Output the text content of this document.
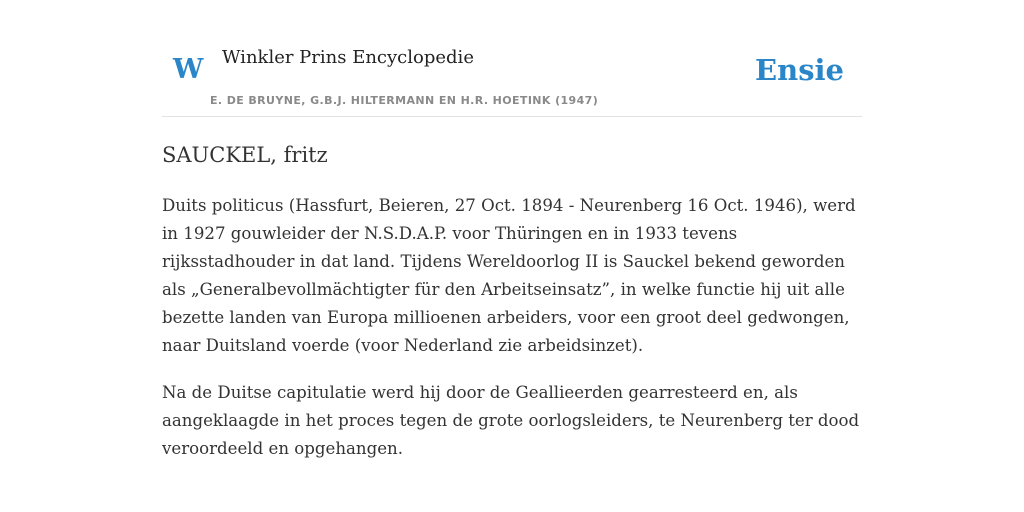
W Winkler Prins Encyclopedie
E. DE BRUYNE, G.B.J. HILTERMANN EN H.R. HOETINK (1947)
Ensie
SAUCKEL, fritz

Duits politicus (Hassfurt, Beieren, 27 Oct. 1894 - Neurenberg 16 Oct. 1946), werd in 1927 gouwleider der N.S.D.A.P. voor Thüringen en in 1933 tevens rijksstadhouder in dat land. Tijdens Wereldoorlog II is Sauckel bekend geworden als „Generalbevollmächtigter für den Arbeitseinsatz”, in welke functie hij uit alle bezette landen van Europa millioenen arbeiders, voor een groot deel gedwongen, naar Duitsland voerde (voor Nederland zie arbeidsinzet).

Na de Duitse capitulatie werd hij door de Geallieerden gearresteerd en, als aangeklaagde in het proces tegen de grote oorlogsleiders, te Neurenberg ter dood veroordeeld en opgehangen.
